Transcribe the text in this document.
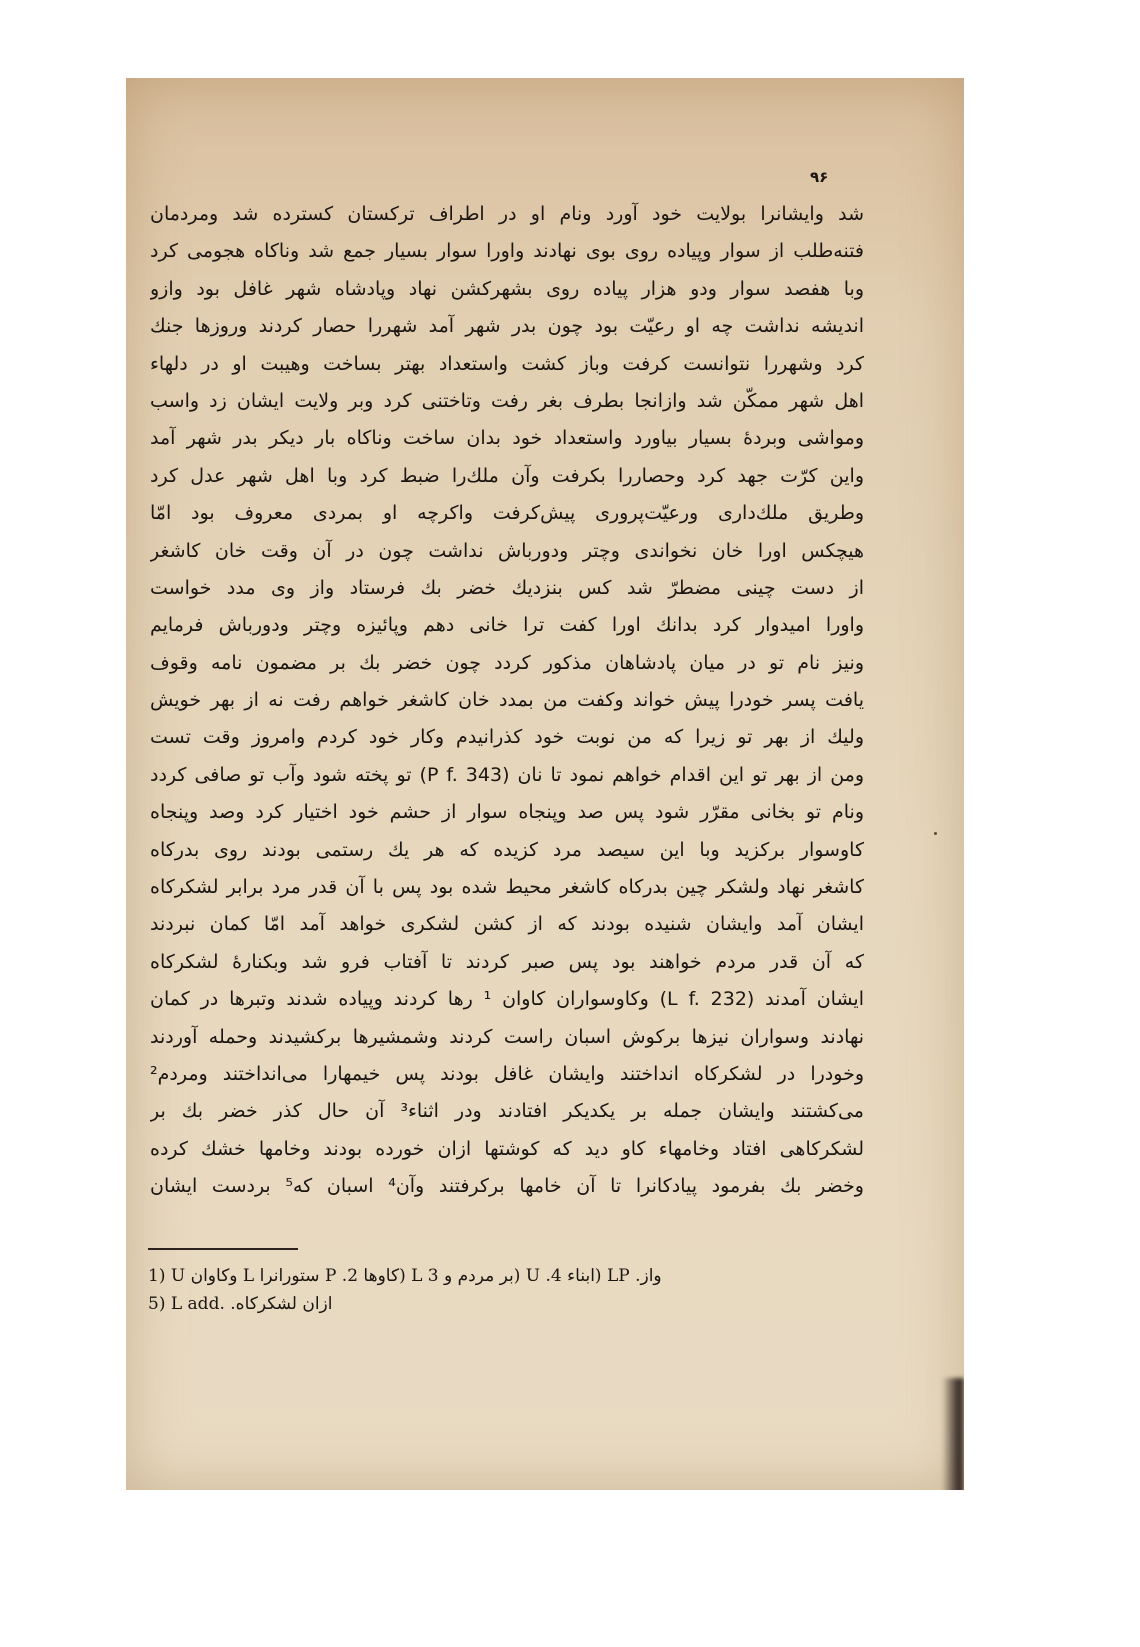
۹۶
شد وایشانرا بولایت خود آورد ونام او در اطراف ترکستان کسترده شد ومردمان
فتنه‌طلب از سوار وپیاده روی بوی نهادند واورا سوار بسیار جمع شد وناکاه هجومی کرد
وبا هفصد سوار ودو هزار پیاده روی بشهرکشن نهاد وپادشاه شهر غافل بود وازو
اندیشه نداشت چه او رعیّت بود چون بدر شهر آمد شهررا حصار کردند وروزها جنك
کرد وشهررا نتوانست کرفت وباز کشت واستعداد بهتر بساخت وهیبت او در دلهاء
اهل شهر ممکّن شد وازانجا بطرف بغر رفت وتاختنی کرد وبر ولایت ایشان زد واسب
ومواشی وبردهٔ بسیار بیاورد واستعداد خود بدان ساخت وناکاه بار دیکر بدر شهر آمد
واین کرّت جهد کرد وحصاررا بکرفت وآن ملك‌را ضبط کرد وبا اهل شهر عدل کرد
وطریق ملك‌داری ورعیّت‌پروری پیش‌کرفت واکرچه او بمردی معروف بود امّا
هیچکس اورا خان نخواندی وچتر ودورباش نداشت چون در آن وقت خان کاشغر
از دست چینی مضطرّ شد کس بنزدیك خضر بك فرستاد واز وی مدد خواست
واورا امیدوار کرد بدانك اورا کفت ترا خانی دهم وپائیزه وچتر ودورباش فرمایم
ونیز نام تو در میان پادشاهان مذکور کردد چون خضر بك بر مضمون نامه وقوف
یافت پسر خودرا پیش خواند وکفت من بمدد خان کاشغر خواهم رفت نه از بهر خویش
ولیك از بهر تو زیرا که من نوبت خود کذرانیدم وکار خود کردم وامروز وقت تست
ومن از بهر تو این اقدام خواهم نمود تا نان (P f. 343) تو پخته شود وآب تو صافی کردد
ونام تو بخانی مقرّر شود پس صد وپنجاه سوار از حشم خود اختیار کرد وصد وپنجاه
کاوسوار برکزید وبا این سیصد مرد کزیده که هر یك رستمی بودند روی بدرکاه
کاشغر نهاد ولشکر چین بدرکاه کاشغر محیط شده بود پس با آن قدر مرد برابر لشکرکاه
ایشان آمد وایشان شنیده بودند که از کشن لشکری خواهد آمد امّا کمان نبردند
که آن قدر مردم خواهند بود پس صبر کردند تا آفتاب فرو شد وبکنارهٔ لشکرکاه
ایشان آمدند (L f. 232) وکاوسواران کاوان ¹ رها کردند وپیاده شدند وتبرها در کمان
نهادند وسواران نیزها برکوش اسبان راست کردند وشمشیرها برکشیدند وحمله آوردند
وخودرا در لشکرکاه انداختند وایشان غافل بودند پس خیمهارا می‌انداختند ومردم²
می‌کشتند وایشان جمله بر یکدیکر افتادند ودر اثناء³ آن حال کذر خضر بك بر
لشکرکاهی افتاد وخامهاء کاو دید که کوشتها ازان خورده بودند وخامها خشك کرده
وخضر بك بفرمود پیادکانرا تا آن خامها برکرفتند وآن⁴ اسبان که⁵ بردست ایشان
1) U وکاوان L ستورانرا P .کاوها 2) L بر مردم و 3) U .ابناء 4) LP .واز
5) L add. .ازان لشکرکاه
